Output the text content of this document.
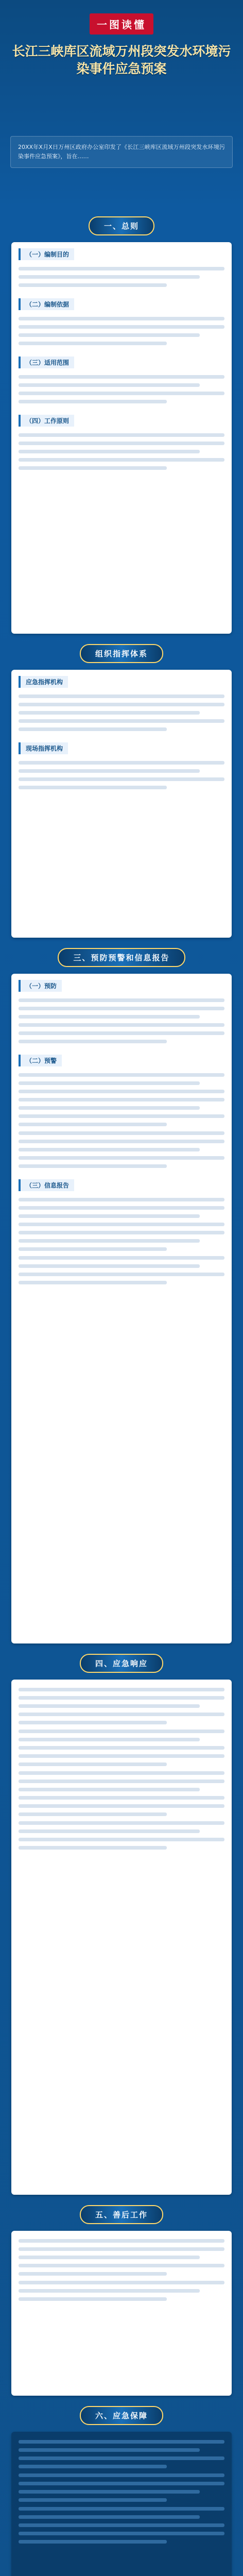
一图读懂
长江三峡库区流域万州段突发水环境污染事件应急预案
20XX年X月X日万州区政府办公室印发了《长江三峡库区流域万州段突发水环境污染事件应急预案》，旨在……
一、总则
（一）编制目的
（二）编制依据
（三）适用范围
（四）工作原则
组织指挥体系
应急指挥机构
现场指挥机构
三、预防预警和信息报告
（一）预防
（二）预警
（三）信息报告
四、应急响应
五、善后工作
六、应急保障
